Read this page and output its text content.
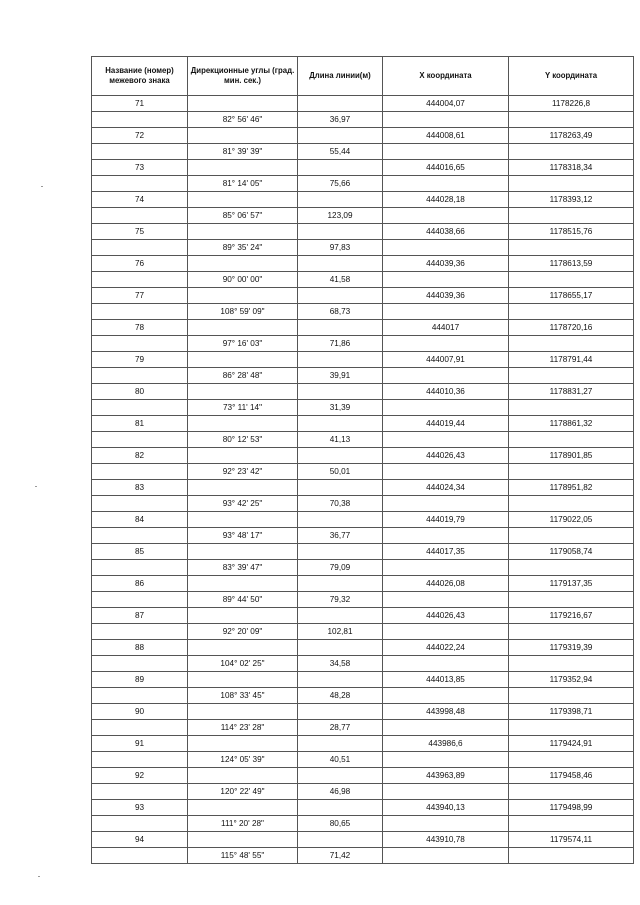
Название (номер) межевого знака	Дирекционные углы (град. мин. сек.)	Длина линии(м)	X координата	Y координата
71			444004,07	1178226,8
	82° 56' 46"	36,97		
72			444008,61	1178263,49
	81° 39' 39"	55,44		
73			444016,65	1178318,34
	81° 14' 05"	75,66		
74			444028,18	1178393,12
	85° 06' 57"	123,09		
75			444038,66	1178515,76
	89° 35' 24"	97,83		
76			444039,36	1178613,59
	90° 00' 00"	41,58		
77			444039,36	1178655,17
	108° 59' 09"	68,73		
78			444017	1178720,16
	97° 16' 03"	71,86		
79			444007,91	1178791,44
	86° 28' 48"	39,91		
80			444010,36	1178831,27
	73° 11' 14"	31,39		
81			444019,44	1178861,32
	80° 12' 53"	41,13		
82			444026,43	1178901,85
	92° 23' 42"	50,01		
83			444024,34	1178951,82
	93° 42' 25"	70,38		
84			444019,79	1179022,05
	93° 48' 17"	36,77		
85			444017,35	1179058,74
	83° 39' 47"	79,09		
86			444026,08	1179137,35
	89° 44' 50"	79,32		
87			444026,43	1179216,67
	92° 20' 09"	102,81		
88			444022,24	1179319,39
	104° 02' 25"	34,58		
89			444013,85	1179352,94
	108° 33' 45"	48,28		
90			443998,48	1179398,71
	114° 23' 28"	28,77		
91			443986,6	1179424,91
	124° 05' 39"	40,51		
92			443963,89	1179458,46
	120° 22' 49"	46,98		
93			443940,13	1179498,99
	111° 20' 28"	80,65		
94			443910,78	1179574,11
	115° 48' 55"	71,42		
